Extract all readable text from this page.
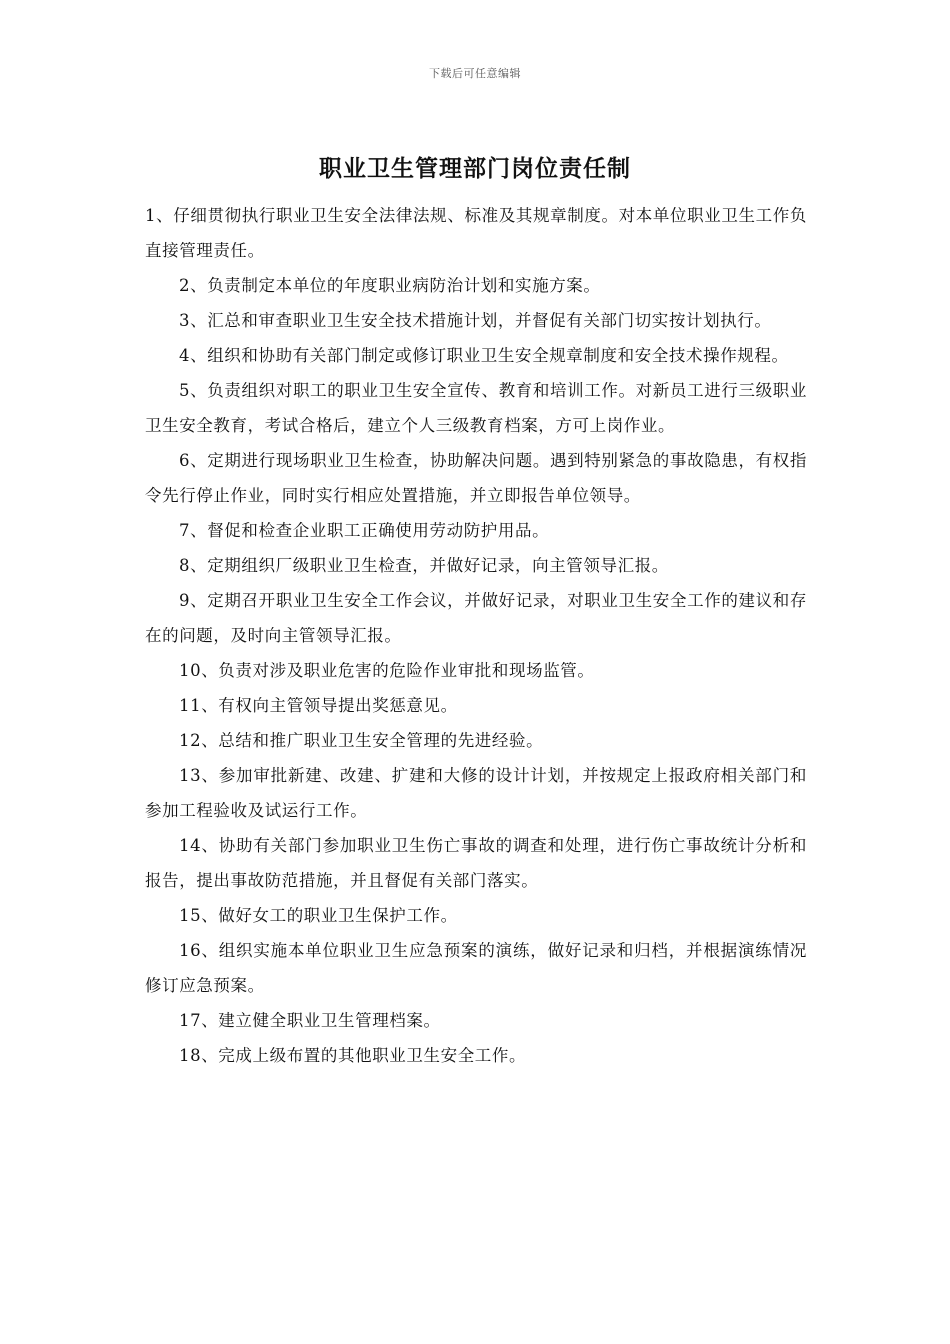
下载后可任意编辑
职业卫生管理部门岗位责任制

1、仔细贯彻执行职业卫生安全法律法规、标准及其规章制度。对本单位职业卫生工作负直接管理责任。

2、负责制定本单位的年度职业病防治计划和实施方案。

3、汇总和审查职业卫生安全技术措施计划，并督促有关部门切实按计划执行。

4、组织和协助有关部门制定或修订职业卫生安全规章制度和安全技术操作规程。

5、负责组织对职工的职业卫生安全宣传、教育和培训工作。对新员工进行三级职业卫生安全教育，考试合格后，建立个人三级教育档案，方可上岗作业。

6、定期进行现场职业卫生检查，协助解决问题。遇到特别紧急的事故隐患，有权指令先行停止作业，同时实行相应处置措施，并立即报告单位领导。

7、督促和检查企业职工正确使用劳动防护用品。

8、定期组织厂级职业卫生检查，并做好记录，向主管领导汇报。

9、定期召开职业卫生安全工作会议，并做好记录，对职业卫生安全工作的建议和存在的问题，及时向主管领导汇报。

10、负责对涉及职业危害的危险作业审批和现场监管。

11、有权向主管领导提出奖惩意见。

12、总结和推广职业卫生安全管理的先进经验。

13、参加审批新建、改建、扩建和大修的设计计划，并按规定上报政府相关部门和参加工程验收及试运行工作。

14、协助有关部门参加职业卫生伤亡事故的调查和处理，进行伤亡事故统计分析和报告，提出事故防范措施，并且督促有关部门落实。

15、做好女工的职业卫生保护工作。

16、组织实施本单位职业卫生应急预案的演练，做好记录和归档，并根据演练情况修订应急预案。

17、建立健全职业卫生管理档案。

18、完成上级布置的其他职业卫生安全工作。
